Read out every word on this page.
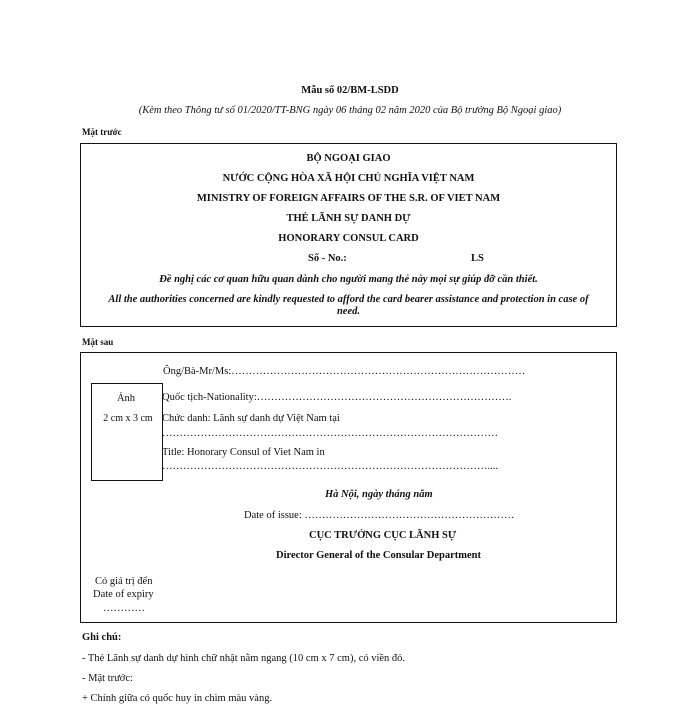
Mẫu số 02/BM-LSDD
(Kèm theo Thông tư số 01/2020/TT-BNG ngày 06 tháng 02 năm 2020 của Bộ trưởng Bộ Ngoại giao)
Mặt trước
BỘ NGOẠI GIAO
NƯỚC CỘNG HÒA XÃ HỘI CHỦ NGHĨA VIỆT NAM
MINISTRY OF FOREIGN AFFAIRS OF THE S.R. OF VIET NAM
THẺ LÃNH SỰ DANH DỰ
HONORARY CONSUL CARD
Số - No.:	LS
Đề nghị các cơ quan hữu quan dành cho người mang thẻ này mọi sự giúp đỡ cần thiết.
All the authorities concerned are kindly requested to afford the card bearer assistance and protection in case of
need.
Mặt sau
Ông/Bà-Mr/Ms:…………………………………………………………………………
Ảnh
2 cm x 3 cm
Quốc tịch-Nationality:……………………………………………………………….
Chức danh: Lãnh sự danh dự Việt Nam tại
……………………………………………………………………………………
Title: Honorary Consul of Viet Nam in
…………………………………………………………………………………....
Hà Nội, ngày tháng năm
Date of issue: ……………………………………………………
CỤC TRƯỞNG CỤC LÃNH SỰ
Director General of the Consular Department
Có giá trị đến
Date of expiry
…………
Ghi chú:
- Thẻ Lãnh sự danh dự hình chữ nhật nằm ngang (10 cm x 7 cm), có viền đỏ.
- Mặt trước:
+ Chính giữa có quốc huy in chìm màu vàng.
